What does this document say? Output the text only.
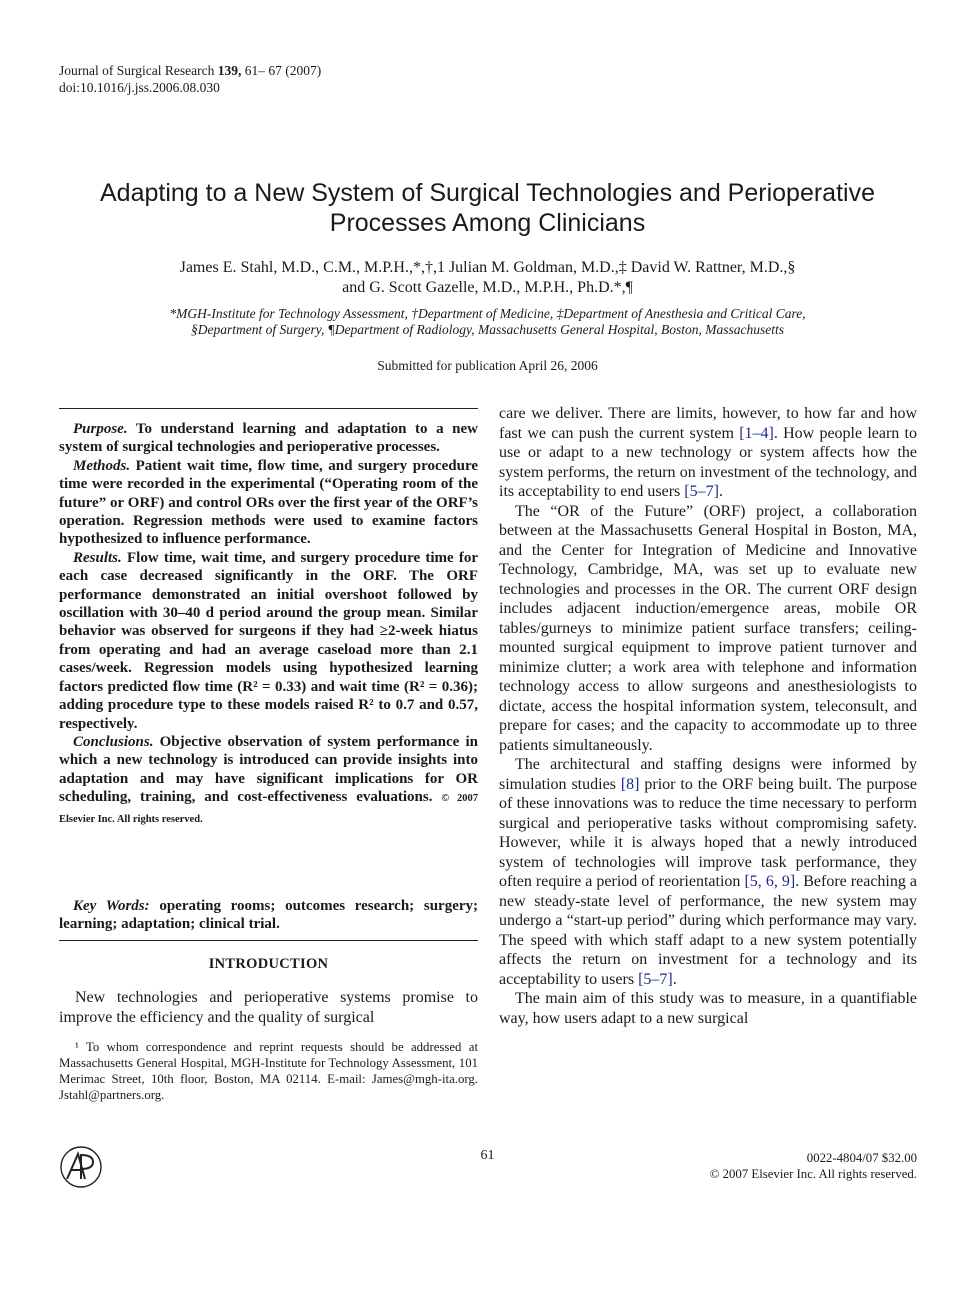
Journal of Surgical Research 139, 61– 67 (2007)
doi:10.1016/j.jss.2006.08.030
Adapting to a New System of Surgical Technologies and Perioperative
Processes Among Clinicians
James E. Stahl, M.D., C.M., M.P.H.,*,†,1 Julian M. Goldman, M.D.,‡ David W. Rattner, M.D.,§
and G. Scott Gazelle, M.D., M.P.H., Ph.D.*,¶
*MGH-Institute for Technology Assessment, †Department of Medicine, ‡Department of Anesthesia and Critical Care,
§Department of Surgery, ¶Department of Radiology, Massachusetts General Hospital, Boston, Massachusetts
Submitted for publication April 26, 2006

Purpose. To understand learning and adaptation to a new system of surgical technologies and perioperative processes.

Methods. Patient wait time, flow time, and surgery procedure time were recorded in the experimental (“Operating room of the future” or ORF) and control ORs over the first year of the ORF’s operation. Regression methods were used to examine factors hypothesized to influence performance.

Results. Flow time, wait time, and surgery procedure time for each case decreased significantly in the ORF. The ORF performance demonstrated an initial overshoot followed by oscillation with 30–40 d period around the group mean. Similar behavior was observed for surgeons if they had ≥2-week hiatus from operating and had an average caseload more than 2.1 cases/week. Regression models using hypothesized learning factors predicted flow time (R² = 0.33) and wait time (R² = 0.36); adding procedure type to these models raised R² to 0.7 and 0.57, respectively.

Conclusions. Objective observation of system performance in which a new technology is introduced can provide insights into adaptation and may have significant implications for OR scheduling, training, and cost-effectiveness evaluations. © 2007 Elsevier Inc. All rights reserved.

Key Words: operating rooms; outcomes research; surgery; learning; adaptation; clinical trial.
INTRODUCTION
New technologies and perioperative systems promise to improve the efficiency and the quality of surgical
¹ To whom correspondence and reprint requests should be addressed at Massachusetts General Hospital, MGH-Institute for Technology Assessment, 101 Merimac Street, 10th floor, Boston, MA 02114. E-mail: James@mgh-ita.org. Jstahl@partners.org.

care we deliver. There are limits, however, to how far and how fast we can push the current system [1–4]. How people learn to use or adapt to a new technology or system affects how the system performs, the return on investment of the technology, and its acceptability to end users [5–7].

The “OR of the Future” (ORF) project, a collaboration between at the Massachusetts General Hospital in Boston, MA, and the Center for Integration of Medicine and Innovative Technology, Cambridge, MA, was set up to evaluate new technologies and processes in the OR. The current ORF design includes adjacent induction/emergence areas, mobile OR tables/gurneys to minimize patient surface transfers; ceiling-mounted surgical equipment to improve patient turnover and minimize clutter; a work area with telephone and information technology access to allow surgeons and anesthesiologists to dictate, access the hospital information system, teleconsult, and prepare for cases; and the capacity to accommodate up to three patients simultaneously.

The architectural and staffing designs were informed by simulation studies [8] prior to the ORF being built. The purpose of these innovations was to reduce the time necessary to perform surgical and perioperative tasks without compromising safety. However, while it is always hoped that a newly introduced system of technologies will improve task performance, they often require a period of reorientation [5, 6, 9]. Before reaching a new steady-state level of performance, the new system may undergo a “start-up period” during which performance may vary. The speed with which staff adapt to a new system potentially affects the return on investment for a technology and its acceptability to users [5–7].

The main aim of this study was to measure, in a quantifiable way, how users adapt to a new surgical

61	0022-4804/07 $32.00
© 2007 Elsevier Inc. All rights reserved.
